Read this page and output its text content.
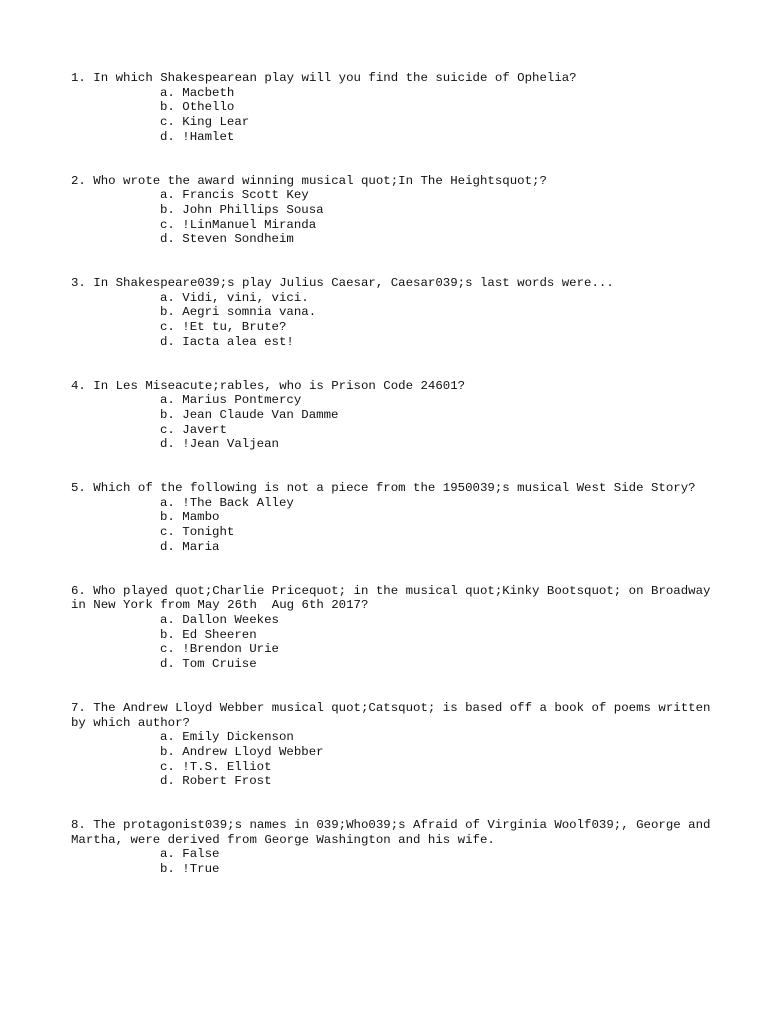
1. In which Shakespearean play will you find the suicide of Ophelia?

a. Macbeth
b. Othello
c. King Lear
d. !Hamlet

2. Who wrote the award winning musical quot;In The Heightsquot;?

a. Francis Scott Key
b. John Phillips Sousa
c. !LinManuel Miranda
d. Steven Sondheim

3. In Shakespeare039;s play Julius Caesar, Caesar039;s last words were...

a. Vidi, vini, vici.
b. Aegri somnia vana.
c. !Et tu, Brute?
d. Iacta alea est!

4. In Les Miseacute;rables, who is Prison Code 24601?

a. Marius Pontmercy
b. Jean Claude Van Damme
c. Javert
d. !Jean Valjean

5. Which of the following is not a piece from the 1950039;s musical West Side Story?

a. !The Back Alley
b. Mambo
c. Tonight
d. Maria

6. Who played quot;Charlie Pricequot; in the musical quot;Kinky Bootsquot; on Broadway in New York from May 26th  Aug 6th 2017?

a. Dallon Weekes
b. Ed Sheeren
c. !Brendon Urie
d. Tom Cruise

7. The Andrew Lloyd Webber musical quot;Catsquot; is based off a book of poems written by which author?

a. Emily Dickenson
b. Andrew Lloyd Webber
c. !T.S. Elliot
d. Robert Frost

8. The protagonist039;s names in 039;Who039;s Afraid of Virginia Woolf039;, George and Martha, were derived from George Washington and his wife.

a. False
b. !True
